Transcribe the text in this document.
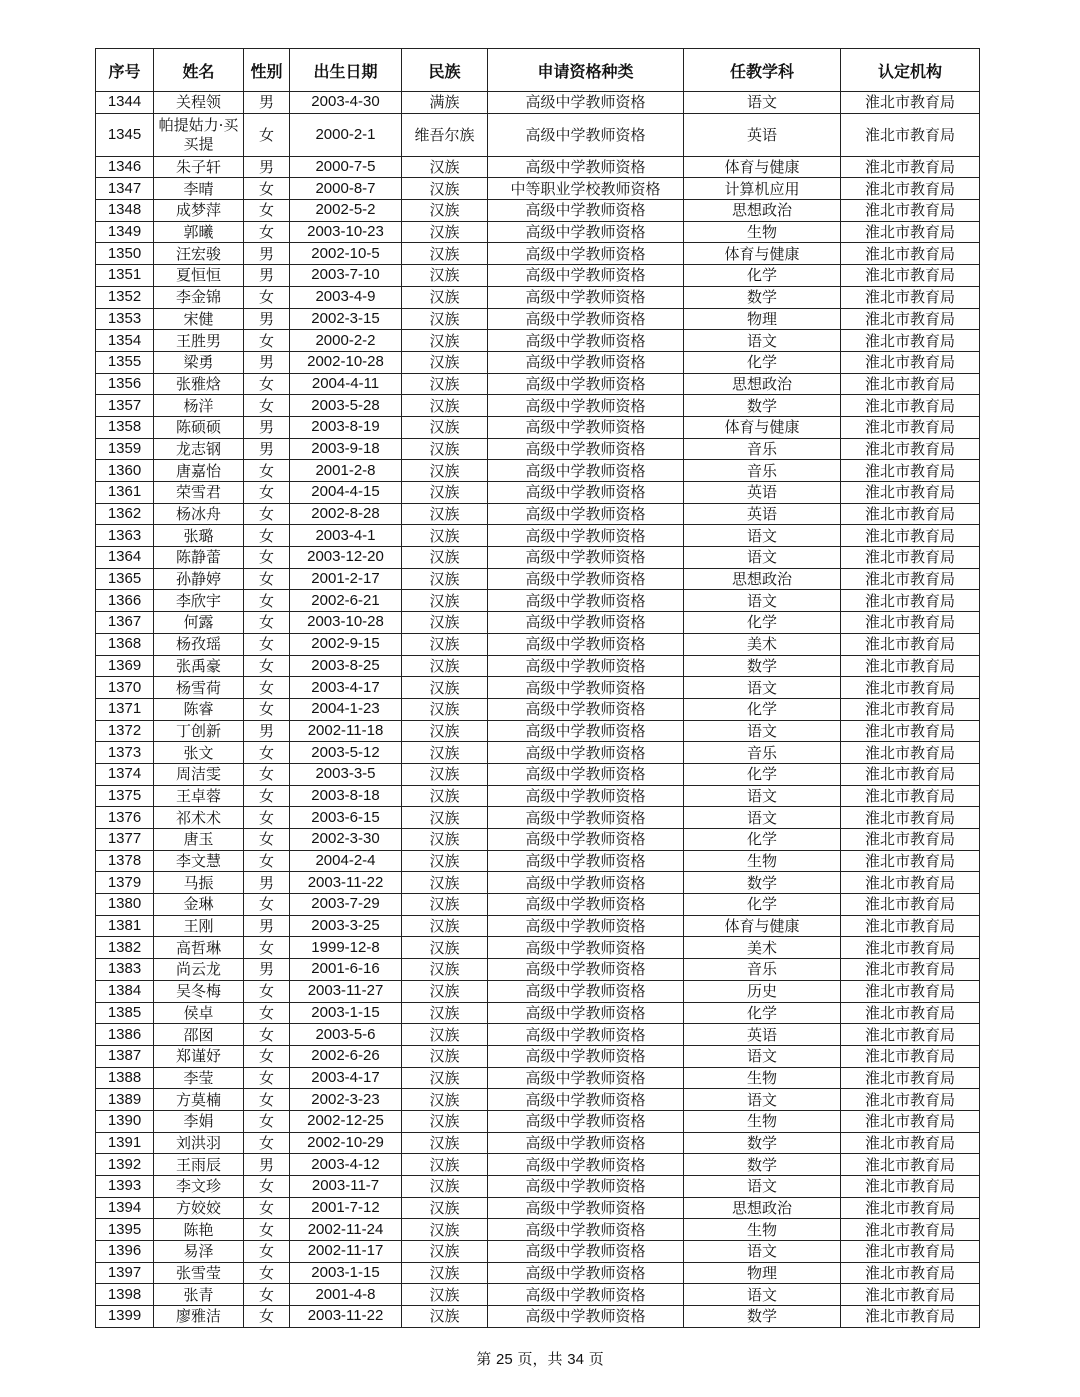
序号	姓名	性别	出生日期	民族	申请资格种类	任教学科	认定机构
1344	关程领	男	2003-4-30	满族	高级中学教师资格	语文	淮北市教育局
1345	帕提姑力·买买提	女	2000-2-1	维吾尔族	高级中学教师资格	英语	淮北市教育局
1346	朱子轩	男	2000-7-5	汉族	高级中学教师资格	体育与健康	淮北市教育局
1347	李晴	女	2000-8-7	汉族	中等职业学校教师资格	计算机应用	淮北市教育局
1348	成梦萍	女	2002-5-2	汉族	高级中学教师资格	思想政治	淮北市教育局
1349	郭曦	女	2003-10-23	汉族	高级中学教师资格	生物	淮北市教育局
1350	汪宏骏	男	2002-10-5	汉族	高级中学教师资格	体育与健康	淮北市教育局
1351	夏恒恒	男	2003-7-10	汉族	高级中学教师资格	化学	淮北市教育局
1352	李金锦	女	2003-4-9	汉族	高级中学教师资格	数学	淮北市教育局
1353	宋健	男	2002-3-15	汉族	高级中学教师资格	物理	淮北市教育局
1354	王胜男	女	2000-2-2	汉族	高级中学教师资格	语文	淮北市教育局
1355	梁勇	男	2002-10-28	汉族	高级中学教师资格	化学	淮北市教育局
1356	张雅焓	女	2004-4-11	汉族	高级中学教师资格	思想政治	淮北市教育局
1357	杨洋	女	2003-5-28	汉族	高级中学教师资格	数学	淮北市教育局
1358	陈硕硕	男	2003-8-19	汉族	高级中学教师资格	体育与健康	淮北市教育局
1359	龙志钢	男	2003-9-18	汉族	高级中学教师资格	音乐	淮北市教育局
1360	唐嘉怡	女	2001-2-8	汉族	高级中学教师资格	音乐	淮北市教育局
1361	荣雪君	女	2004-4-15	汉族	高级中学教师资格	英语	淮北市教育局
1362	杨冰舟	女	2002-8-28	汉族	高级中学教师资格	英语	淮北市教育局
1363	张璐	女	2003-4-1	汉族	高级中学教师资格	语文	淮北市教育局
1364	陈静蕾	女	2003-12-20	汉族	高级中学教师资格	语文	淮北市教育局
1365	孙静婷	女	2001-2-17	汉族	高级中学教师资格	思想政治	淮北市教育局
1366	李欣宇	女	2002-6-21	汉族	高级中学教师资格	语文	淮北市教育局
1367	何露	女	2003-10-28	汉族	高级中学教师资格	化学	淮北市教育局
1368	杨孜瑶	女	2002-9-15	汉族	高级中学教师资格	美术	淮北市教育局
1369	张禹豪	女	2003-8-25	汉族	高级中学教师资格	数学	淮北市教育局
1370	杨雪荷	女	2003-4-17	汉族	高级中学教师资格	语文	淮北市教育局
1371	陈睿	女	2004-1-23	汉族	高级中学教师资格	化学	淮北市教育局
1372	丁创新	男	2002-11-18	汉族	高级中学教师资格	语文	淮北市教育局
1373	张文	女	2003-5-12	汉族	高级中学教师资格	音乐	淮北市教育局
1374	周洁雯	女	2003-3-5	汉族	高级中学教师资格	化学	淮北市教育局
1375	王卓蓉	女	2003-8-18	汉族	高级中学教师资格	语文	淮北市教育局
1376	祁术术	女	2003-6-15	汉族	高级中学教师资格	语文	淮北市教育局
1377	唐玉	女	2002-3-30	汉族	高级中学教师资格	化学	淮北市教育局
1378	李文慧	女	2004-2-4	汉族	高级中学教师资格	生物	淮北市教育局
1379	马振	男	2003-11-22	汉族	高级中学教师资格	数学	淮北市教育局
1380	金琳	女	2003-7-29	汉族	高级中学教师资格	化学	淮北市教育局
1381	王刚	男	2003-3-25	汉族	高级中学教师资格	体育与健康	淮北市教育局
1382	高哲琳	女	1999-12-8	汉族	高级中学教师资格	美术	淮北市教育局
1383	尚云龙	男	2001-6-16	汉族	高级中学教师资格	音乐	淮北市教育局
1384	吴冬梅	女	2003-11-27	汉族	高级中学教师资格	历史	淮北市教育局
1385	侯卓	女	2003-1-15	汉族	高级中学教师资格	化学	淮北市教育局
1386	邵囡	女	2003-5-6	汉族	高级中学教师资格	英语	淮北市教育局
1387	郑谨妤	女	2002-6-26	汉族	高级中学教师资格	语文	淮北市教育局
1388	李莹	女	2003-4-17	汉族	高级中学教师资格	生物	淮北市教育局
1389	方莫楠	女	2002-3-23	汉族	高级中学教师资格	语文	淮北市教育局
1390	李娟	女	2002-12-25	汉族	高级中学教师资格	生物	淮北市教育局
1391	刘洪羽	女	2002-10-29	汉族	高级中学教师资格	数学	淮北市教育局
1392	王雨辰	男	2003-4-12	汉族	高级中学教师资格	数学	淮北市教育局
1393	李文珍	女	2003-11-7	汉族	高级中学教师资格	语文	淮北市教育局
1394	方姣姣	女	2001-7-12	汉族	高级中学教师资格	思想政治	淮北市教育局
1395	陈艳	女	2002-11-24	汉族	高级中学教师资格	生物	淮北市教育局
1396	易泽	女	2002-11-17	汉族	高级中学教师资格	语文	淮北市教育局
1397	张雪莹	女	2003-1-15	汉族	高级中学教师资格	物理	淮北市教育局
1398	张青	女	2001-4-8	汉族	高级中学教师资格	语文	淮北市教育局
1399	廖雅洁	女	2003-11-22	汉族	高级中学教师资格	数学	淮北市教育局
第 25 页，共 34 页
